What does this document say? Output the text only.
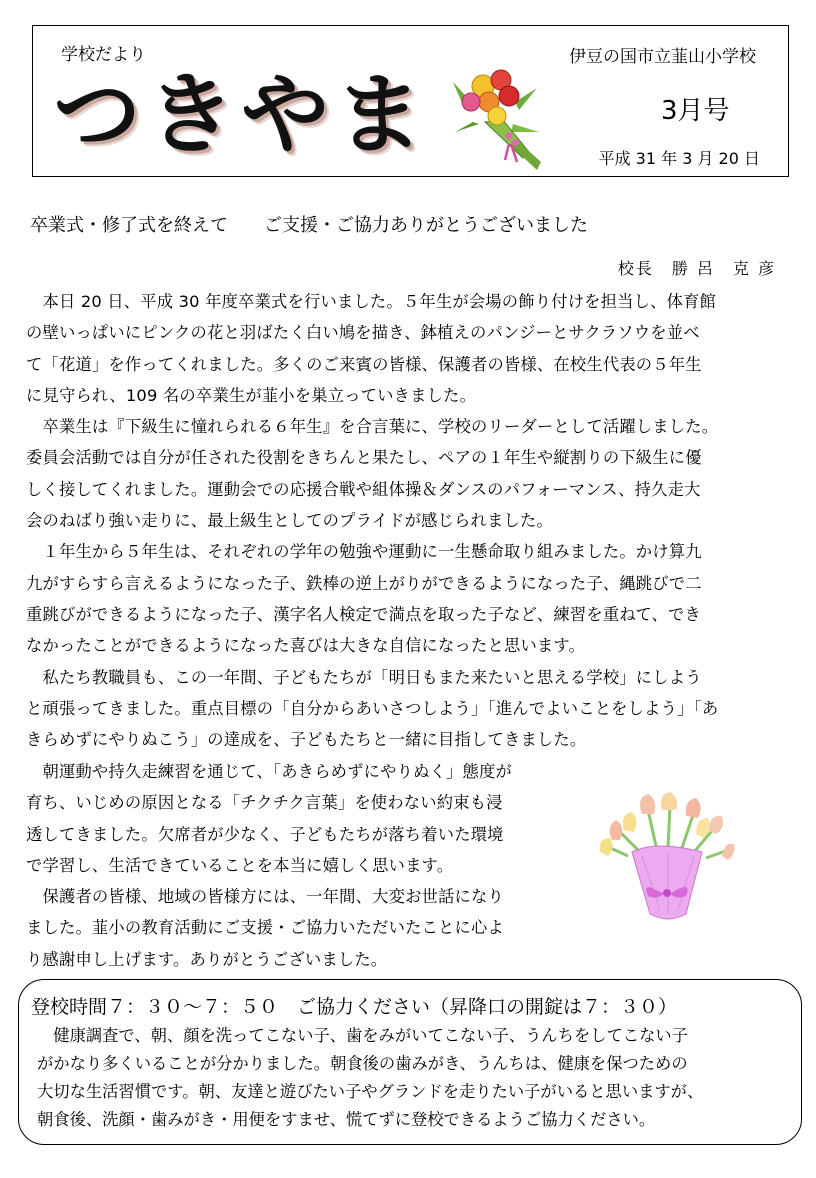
学校だより	伊豆の国市立韮山小学校
つきやま	3月号
平成 31 年 3 月 20 日
卒業式・修了式を終えて　　ご支援・ご協力ありがとうございました
校長　勝 呂　克 彦
　本日 20 日、平成 30 年度卒業式を行いました。５年生が会場の飾り付けを担当し、体育館
の壁いっぱいにピンクの花と羽ばたく白い鳩を描き、鉢植えのパンジーとサクラソウを並べ
て「花道」を作ってくれました。多くのご来賓の皆様、保護者の皆様、在校生代表の５年生
に見守られ、109 名の卒業生が韮小を巣立っていきました。
　卒業生は『下級生に憧れられる６年生』を合言葉に、学校のリーダーとして活躍しました。
委員会活動では自分が任された役割をきちんと果たし、ペアの１年生や縦割りの下級生に優
しく接してくれました。運動会での応援合戦や組体操＆ダンスのパフォーマンス、持久走大
会のねばり強い走りに、最上級生としてのプライドが感じられました。
　１年生から５年生は、それぞれの学年の勉強や運動に一生懸命取り組みました。かけ算九
九がすらすら言えるようになった子、鉄棒の逆上がりができるようになった子、縄跳びで二
重跳びができるようになった子、漢字名人検定で満点を取った子など、練習を重ねて、でき
なかったことができるようになった喜びは大きな自信になったと思います。
　私たち教職員も、この一年間、子どもたちが「明日もまた来たいと思える学校」にしよう
と頑張ってきました。重点目標の「自分からあいさつしよう」「進んでよいことをしよう」「あ
きらめずにやりぬこう」の達成を、子どもたちと一緒に目指してきました。
　朝運動や持久走練習を通じて、「あきらめずにやりぬく」態度が
育ち、いじめの原因となる「チクチク言葉」を使わない約束も浸
透してきました。欠席者が少なく、子どもたちが落ち着いた環境
で学習し、生活できていることを本当に嬉しく思います。
　保護者の皆様、地域の皆様方には、一年間、大変お世話になり
ました。韮小の教育活動にご支援・ご協力いただいたことに心よ
り感謝申し上げます。ありがとうございました。
登校時間７：３０～７：５０　ご協力ください（昇降口の開錠は７：３０）
　健康調査で、朝、顔を洗ってこない子、歯をみがいてこない子、うんちをしてこない子
がかなり多くいることが分かりました。朝食後の歯みがき、うんちは、健康を保つための
大切な生活習慣です。朝、友達と遊びたい子やグランドを走りたい子がいると思いますが、
朝食後、洗顔・歯みがき・用便をすませ、慌てずに登校できるようご協力ください。
